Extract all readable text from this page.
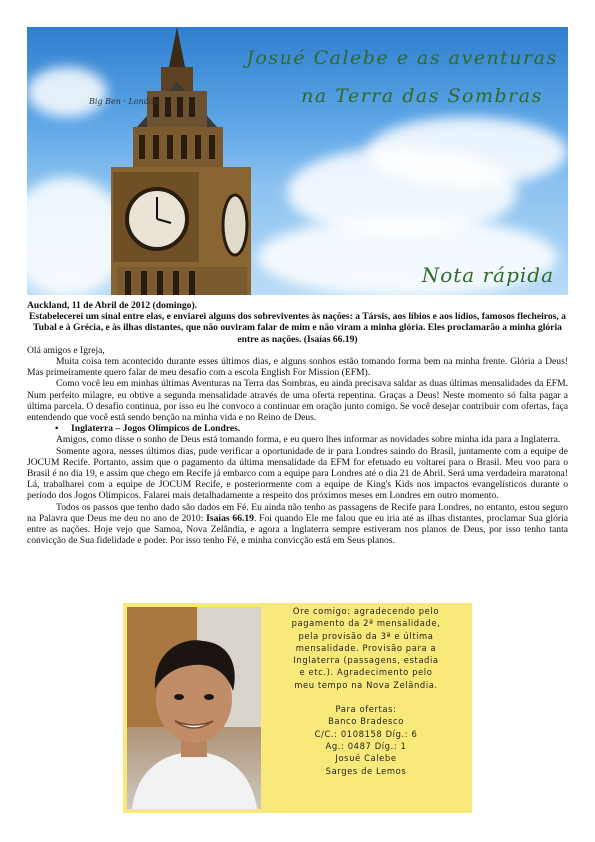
Big Ben · London
Josué Calebe e as aventuras
na Terra das Sombras
Nota rápida
Auckland, 11 de Abril de 2012 (domingo).
Estabelecerei um sinal entre elas, e enviarei alguns dos sobreviventes às nações: a Társis, aos líbios e aos lídios, famosos flecheiros, a Tubal e à Grécia, e às ilhas distantes, que não ouviram falar de mim e não viram a minha glória. Eles proclamarão a minha glória entre as nações. (Isaías 66.19)

Olá amigos e Igreja,

Muita coisa tem acontecido durante esses últimos dias, e alguns sonhos estão tomando forma bem na minha frente. Glória a Deus! Mas primeiramente quero falar de meu desafio com a escola English For Mission (EFM).

Como você leu em minhas últimas Aventuras na Terra das Sombras, eu ainda precisava saldar as duas últimas mensalidades da EFM. Num perfeito milagre, eu obtive a segunda mensalidade através de uma oferta repentina. Graças a Deus! Neste momento só falta pagar a última parcela. O desafio continua, por isso eu lhe convoco a continuar em oração junto comigo. Se você desejar contribuir com ofertas, faça entendendo que você está sendo benção na minha vida e no Reino de Deus.

• Inglaterra – Jogos Olímpicos de Londres.

Amigos, como disse o sonho de Deus está tomando forma, e eu quero lhes informar as novidades sobre minha ida para a Inglaterra.

Somente agora, nesses últimos dias, pude verificar a oportunidade de ir para Londres saindo do Brasil, juntamente com a equipe de JOCUM Recife. Portanto, assim que o pagamento da última mensalidade da EFM for efetuado eu voltarei para o Brasil. Meu voo para o Brasil é no dia 19, e assim que chego em Recife já embarco com a equipe para Londres até o dia 21 de Abril. Será uma verdadeira maratona! Lá, trabalharei com a equipe de JOCUM Recife, e posteriormente com a equipe de King's Kids nos impactos evangelísticos durante o período dos Jogos Olímpicos. Falarei mais detalhadamente a respeito dos próximos meses em Londres em outro momento.

Todos os passos que tenho dado são dados em Fé. Eu ainda não tenho as passagens de Recife para Londres, no entanto, estou seguro na Palavra que Deus me deu no ano de 2010: Isaías 66.19. Foi quando Ele me falou que eu iria até as ilhas distantes, proclamar Sua glória entre as nações. Hoje vejo que Samoa, Nova Zelândia, e agora a Inglaterra sempre estiveram nos planos de Deus, por isso tenho tanta convicção de Sua fidelidade e poder. Por isso tenho Fé, e minha convicção está em Seus planos.

Ore comigo: agradecendo pelo
pagamento da 2ª mensalidade,
pela provisão da 3ª e última
mensalidade. Provisão para a
Inglaterra (passagens, estadia
e etc.). Agradecimento pelo
meu tempo na Nova Zelândia.
Para ofertas:
Banco Bradesco
C/C.: 0108158 Díg.: 6
Ag.: 0487 Díg.: 1
Josué Calebe
Sarges de Lemos
